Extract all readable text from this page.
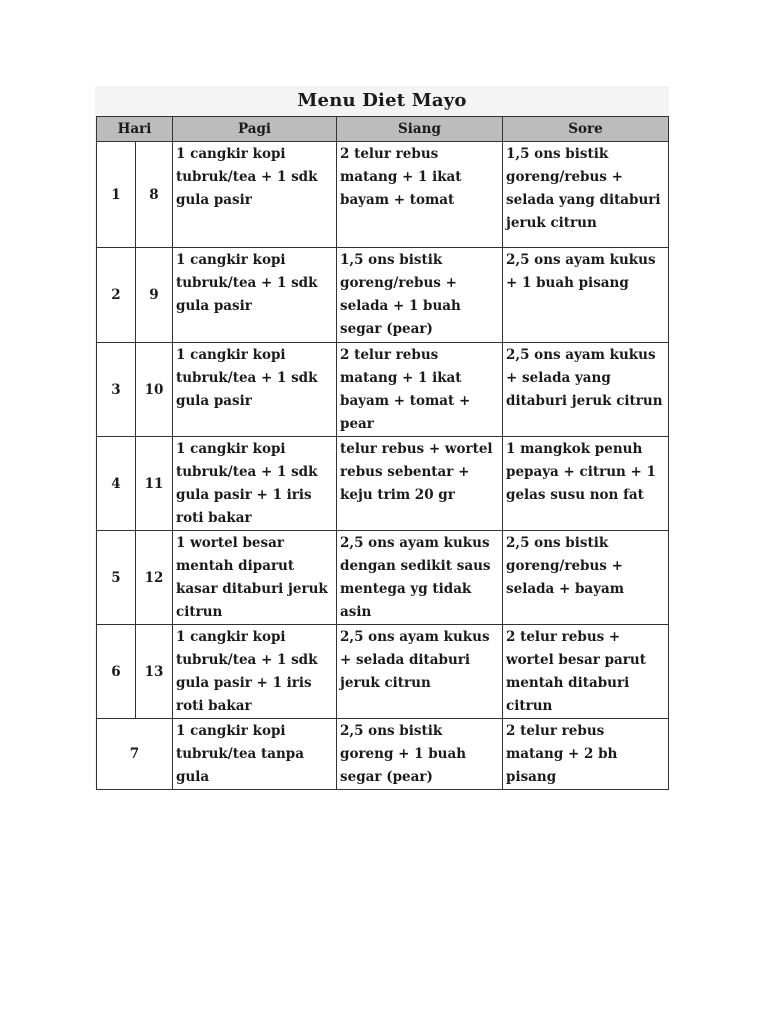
Menu Diet Mayo
Hari		Pagi	Siang	Sore
1	8	1 cangkir kopi tubruk/tea + 1 sdk gula pasir	2 telur rebus matang + 1 ikat bayam + tomat	1,5 ons bistik goreng/rebus + selada yang ditaburi jeruk citrun

2	9	1 cangkir kopi tubruk/tea + 1 sdk gula pasir	1,5 ons bistik goreng/rebus + selada + 1 buah segar (pear)	2,5 ons ayam kukus + 1 buah pisang

3	10	1 cangkir kopi tubruk/tea + 1 sdk gula pasir	2 telur rebus matang + 1 ikat bayam + tomat + pear	2,5 ons ayam kukus + selada yang ditaburi jeruk citrun

4	11	1 cangkir kopi tubruk/tea + 1 sdk gula pasir + 1 iris roti bakar	telur rebus + wortel rebus sebentar + keju trim 20 gr	1 mangkok penuh pepaya + citrun + 1 gelas susu non fat

5	12	1 wortel besar mentah diparut kasar ditaburi jeruk citrun	2,5 ons ayam kukus dengan sedikit saus mentega yg tidak asin	2,5 ons bistik goreng/rebus + selada + bayam

6	13	1 cangkir kopi tubruk/tea + 1 sdk gula pasir + 1 iris roti bakar	2,5 ons ayam kukus + selada ditaburi jeruk citrun	2 telur rebus + wortel besar parut mentah ditaburi citrun

7		1 cangkir kopi tubruk/tea tanpa gula	2,5 ons bistik goreng + 1 buah segar (pear)	2 telur rebus matang + 2 bh pisang
